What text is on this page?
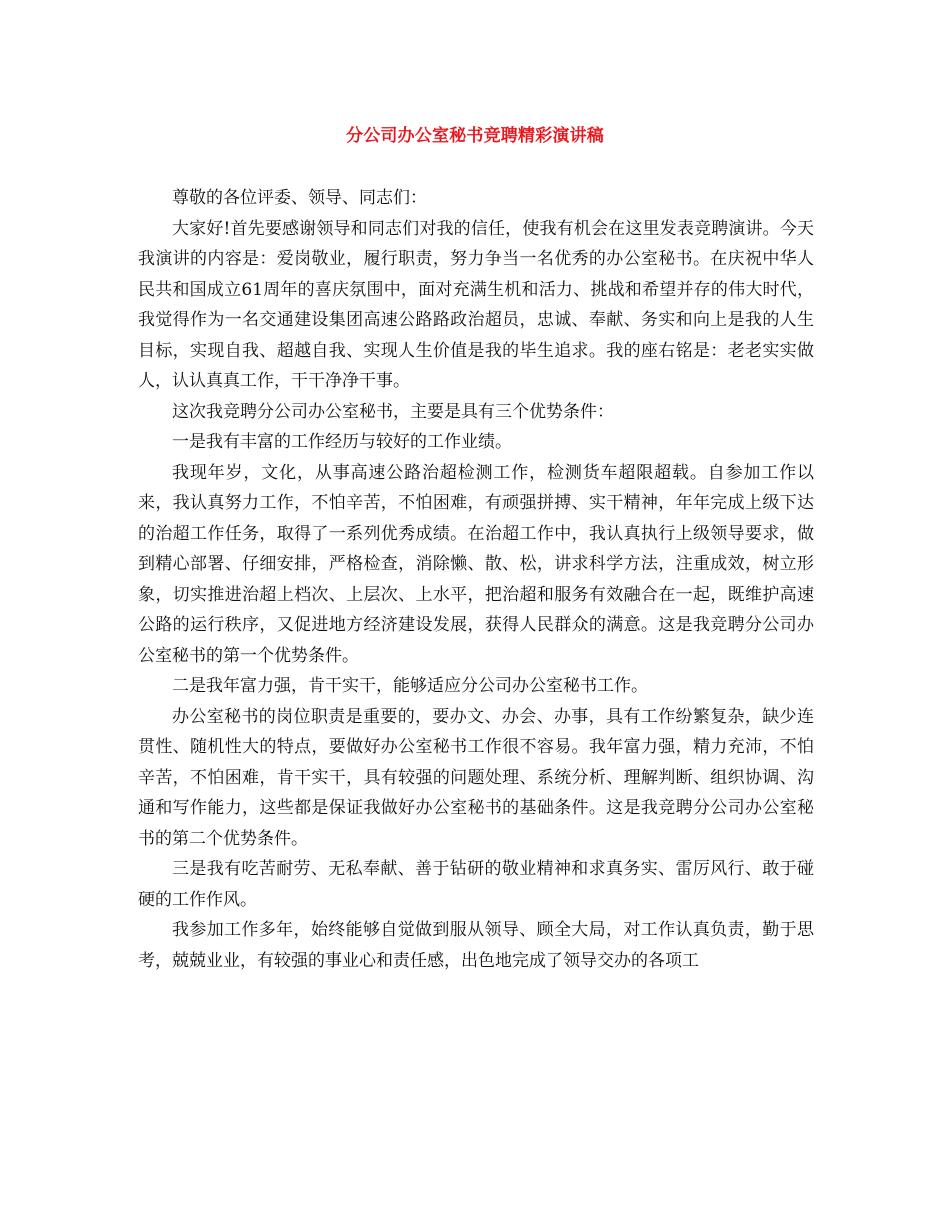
分公司办公室秘书竞聘精彩演讲稿

尊敬的各位评委、领导、同志们：

大家好!首先要感谢领导和同志们对我的信任，使我有机会在这里发表竞聘演讲。今天我演讲的内容是：爱岗敬业，履行职责，努力争当一名优秀的办公室秘书。在庆祝中华人民共和国成立61周年的喜庆氛围中，面对充满生机和活力、挑战和希望并存的伟大时代，我觉得作为一名交通建设集团高速公路路政治超员，忠诚、奉献、务实和向上是我的人生目标，实现自我、超越自我、实现人生价值是我的毕生追求。我的座右铭是：老老实实做人，认认真真工作，干干净净干事。

这次我竞聘分公司办公室秘书，主要是具有三个优势条件：

一是我有丰富的工作经历与较好的工作业绩。

我现年岁，文化，从事高速公路治超检测工作，检测货车超限超载。自参加工作以来，我认真努力工作，不怕辛苦，不怕困难，有顽强拼搏、实干精神，年年完成上级下达的治超工作任务，取得了一系列优秀成绩。在治超工作中，我认真执行上级领导要求，做到精心部署、仔细安排，严格检查，消除懒、散、松，讲求科学方法，注重成效，树立形象，切实推进治超上档次、上层次、上水平，把治超和服务有效融合在一起，既维护高速公路的运行秩序，又促进地方经济建设发展，获得人民群众的满意。这是我竞聘分公司办公室秘书的第一个优势条件。

二是我年富力强，肯干实干，能够适应分公司办公室秘书工作。

办公室秘书的岗位职责是重要的，要办文、办会、办事，具有工作纷繁复杂，缺少连贯性、随机性大的特点，要做好办公室秘书工作很不容易。我年富力强，精力充沛，不怕辛苦，不怕困难，肯干实干，具有较强的问题处理、系统分析、理解判断、组织协调、沟通和写作能力，这些都是保证我做好办公室秘书的基础条件。这是我竞聘分公司办公室秘书的第二个优势条件。

三是我有吃苦耐劳、无私奉献、善于钻研的敬业精神和求真务实、雷厉风行、敢于碰硬的工作作风。

我参加工作多年，始终能够自觉做到服从领导、顾全大局，对工作认真负责，勤于思考，兢兢业业，有较强的事业心和责任感，出色地完成了领导交办的各项工
